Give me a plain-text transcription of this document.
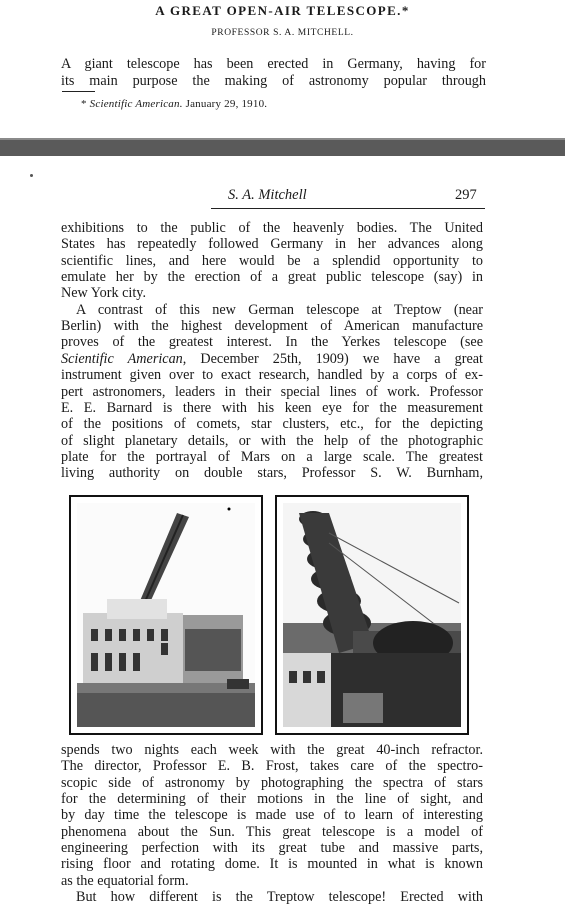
A GREAT OPEN-AIR TELESCOPE.*
PROFESSOR S. A. MITCHELL.
A giant telescope has been erected in Germany, having for
its main purpose the making of astronomy popular through
* Scientific American. January 29, 1910.
S. A. Mitchell	297
exhibitions to the public of the heavenly bodies. The United
States has repeatedly followed Germany in her advances along
scientific lines, and here would be a splendid opportunity to
emulate her by the erection of a great public telescope (say) in
New York city.
A contrast of this new German telescope at Treptow (near
Berlin) with the highest development of American manufacture
proves of the greatest interest. In the Yerkes telescope (see
Scientific American, December 25th, 1909) we have a great
instrument given over to exact research, handled by a corps of ex-
pert astronomers, leaders in their special lines of work. Professor
E. E. Barnard is there with his keen eye for the measurement
of the positions of comets, star clusters, etc., for the depicting
of slight planetary details, or with the help of the photographic
plate for the portrayal of Mars on a large scale. The greatest
living authority on double stars, Professor S. W. Burnham,
spends two nights each week with the great 40-inch refractor.
The director, Professor E. B. Frost, takes care of the spectro-
scopic side of astronomy by photographing the spectra of stars
for the determining of their motions in the line of sight, and
by day time the telescope is made use of to learn of interesting
phenomena about the Sun. This great telescope is a model of
engineering perfection with its great tube and massive parts,
rising floor and rotating dome. It is mounted in what is known
as the equatorial form.
But how different is the Treptow telescope! Erected with
